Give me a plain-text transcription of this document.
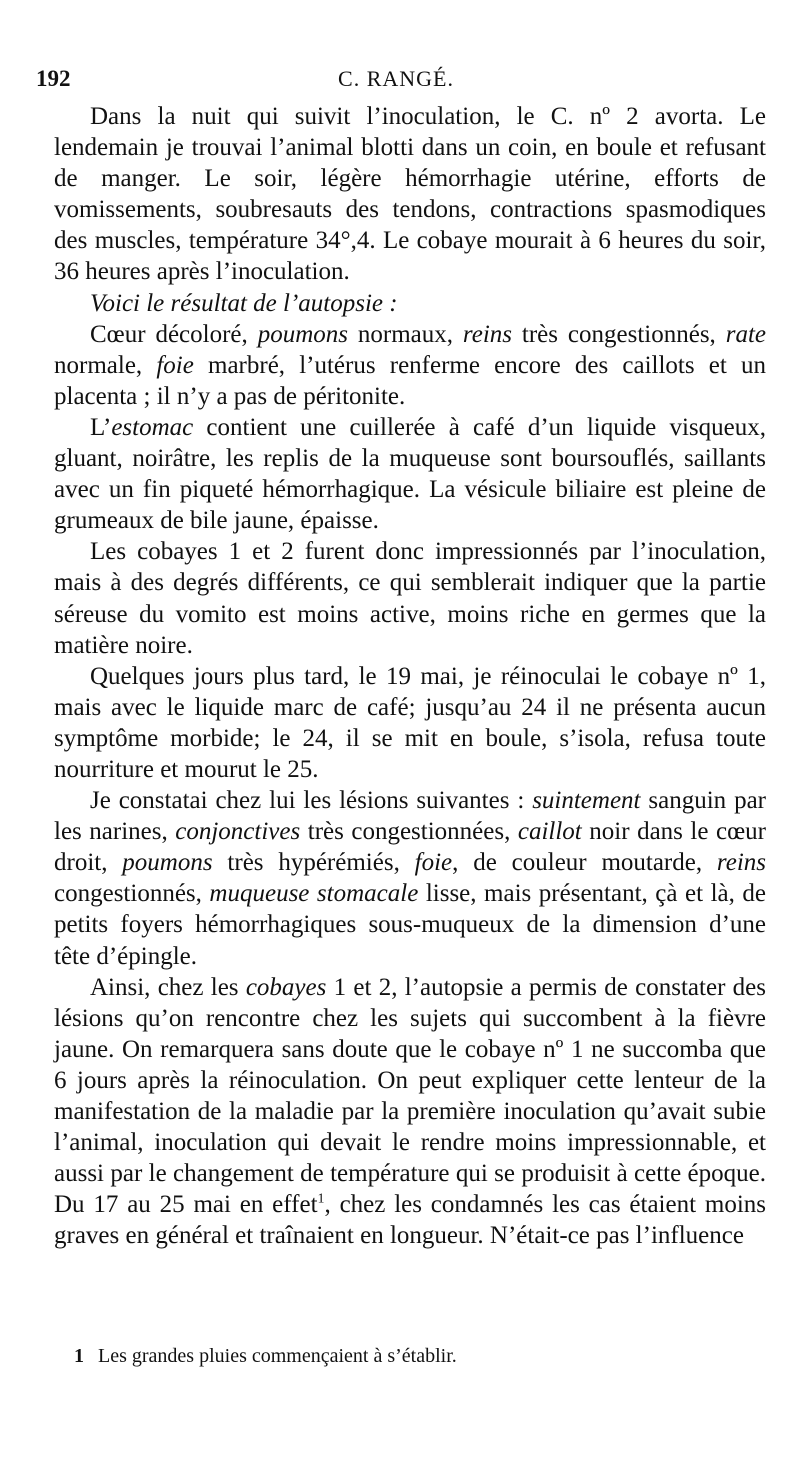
192	C. RANGÉ.

Dans la nuit qui suivit l’inoculation, le C. nº 2 avorta. Le lendemain je trouvai l’animal blotti dans un coin, en boule et refusant de manger. Le soir, légère hémorrhagie utérine, efforts de vomissements, soubresauts des tendons, contractions spasmodiques des muscles, température 34°,4. Le cobaye mourait à 6 heures du soir, 36 heures après l’inoculation.

Voici le résultat de l’autopsie :

Cœur décoloré, poumons normaux, reins très congestionnés, rate normale, foie marbré, l’utérus renferme encore des caillots et un placenta ; il n’y a pas de péritonite.

L’estomac contient une cuillerée à café d’un liquide visqueux, gluant, noirâtre, les replis de la muqueuse sont boursouflés, saillants avec un fin piqueté hémorrhagique. La vésicule biliaire est pleine de grumeaux de bile jaune, épaisse.

Les cobayes 1 et 2 furent donc impressionnés par l’inoculation, mais à des degrés différents, ce qui semblerait indiquer que la partie séreuse du vomito est moins active, moins riche en germes que la matière noire.

Quelques jours plus tard, le 19 mai, je réinoculai le cobaye nº 1, mais avec le liquide marc de café; jusqu’au 24 il ne présenta aucun symptôme morbide; le 24, il se mit en boule, s’isola, refusa toute nourriture et mourut le 25.

Je constatai chez lui les lésions suivantes : suintement sanguin par les narines, conjonctives très congestionnées, caillot noir dans le cœur droit, poumons très hypérémiés, foie, de couleur moutarde, reins congestionnés, muqueuse stomacale lisse, mais présentant, çà et là, de petits foyers hémorrhagiques sous-muqueux de la dimension d’une tête d’épingle.

Ainsi, chez les cobayes 1 et 2, l’autopsie a permis de constater des lésions qu’on rencontre chez les sujets qui succombent à la fièvre jaune. On remarquera sans doute que le cobaye nº 1 ne succomba que 6 jours après la réinoculation. On peut expliquer cette lenteur de la manifestation de la maladie par la première inoculation qu’avait subie l’animal, inoculation qui devait le rendre moins impressionnable, et aussi par le changement de température qui se produisit à cette époque. Du 17 au 25 mai en effet$^1$, chez les condamnés les cas étaient moins graves en général et traînaient en longueur. N’était-ce pas l’influence

1 Les grandes pluies commençaient à s’établir.
